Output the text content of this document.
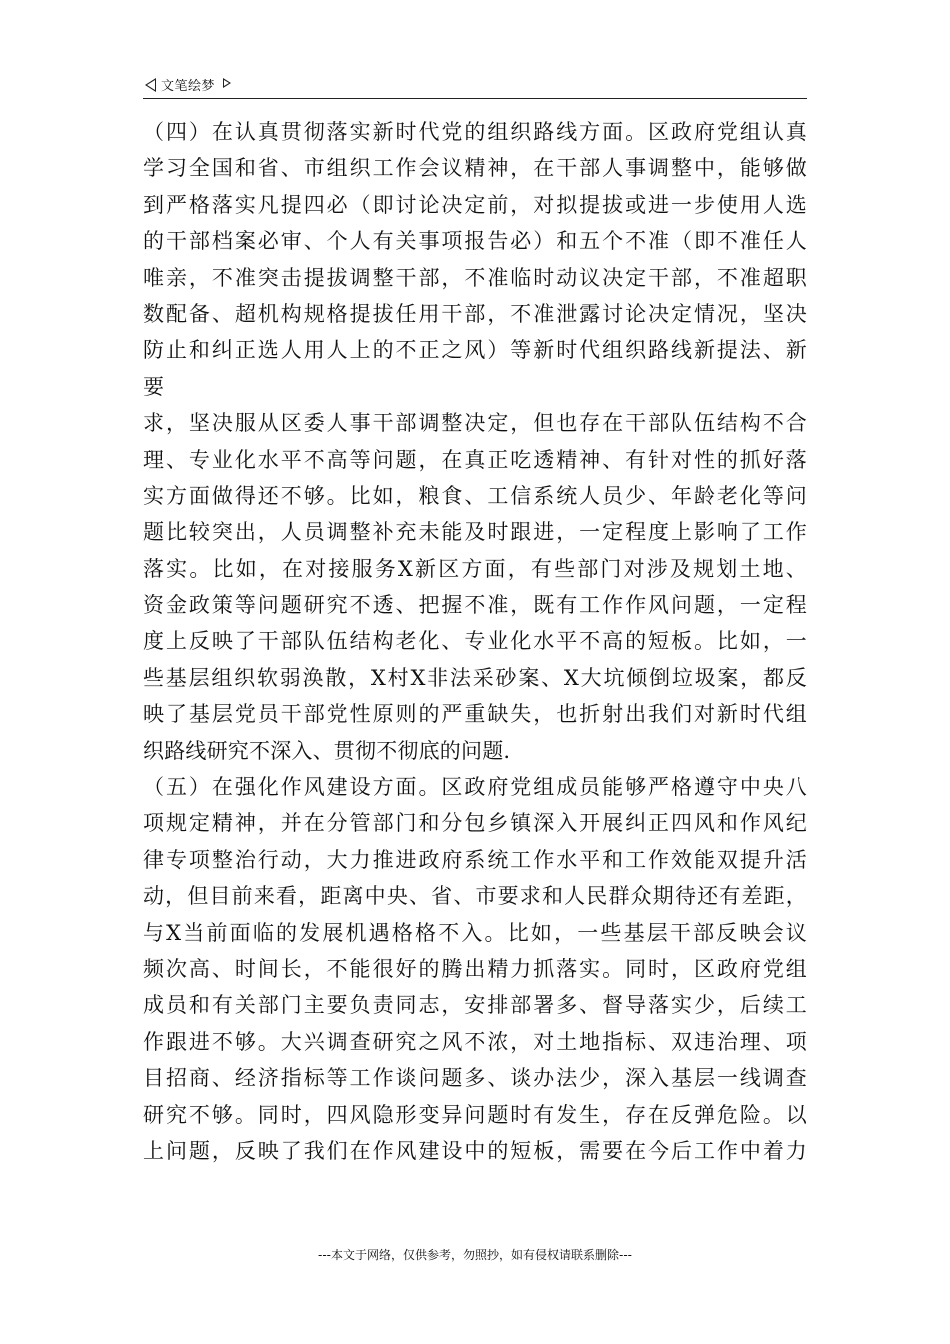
文笔绘梦
（四）在认真贯彻落实新时代党的组织路线方面。区政府党组认真
学习全国和省、市组织工作会议精神，在干部人事调整中，能够做
到严格落实凡提四必（即讨论决定前，对拟提拔或进一步使用人选
的干部档案必审、个人有关事项报告必）和五个不准（即不准任人
唯亲，不准突击提拔调整干部，不准临时动议决定干部，不准超职
数配备、超机构规格提拔任用干部，不准泄露讨论决定情况，坚决
防止和纠正选人用人上的不正之风）等新时代组织路线新提法、新
要
求，坚决服从区委人事干部调整决定，但也存在干部队伍结构不合
理、专业化水平不高等问题，在真正吃透精神、有针对性的抓好落
实方面做得还不够。比如，粮食、工信系统人员少、年龄老化等问
题比较突出，人员调整补充未能及时跟进，一定程度上影响了工作
落实。比如，在对接服务X新区方面，有些部门对涉及规划土地、
资金政策等问题研究不透、把握不准，既有工作作风问题，一定程
度上反映了干部队伍结构老化、专业化水平不高的短板。比如，一
些基层组织软弱涣散，X村X非法采砂案、X大坑倾倒垃圾案，都反
映了基层党员干部党性原则的严重缺失，也折射出我们对新时代组
织路线研究不深入、贯彻不彻底的问题.
（五）在强化作风建设方面。区政府党组成员能够严格遵守中央八
项规定精神，并在分管部门和分包乡镇深入开展纠正四风和作风纪
律专项整治行动，大力推进政府系统工作水平和工作效能双提升活
动，但目前来看，距离中央、省、市要求和人民群众期待还有差距，
与X当前面临的发展机遇格格不入。比如，一些基层干部反映会议
频次高、时间长，不能很好的腾出精力抓落实。同时，区政府党组
成员和有关部门主要负责同志，安排部署多、督导落实少，后续工
作跟进不够。大兴调查研究之风不浓，对土地指标、双违治理、项
目招商、经济指标等工作谈问题多、谈办法少，深入基层一线调查
研究不够。同时，四风隐形变异问题时有发生，存在反弹危险。以
上问题，反映了我们在作风建设中的短板，需要在今后工作中着力
---本文于网络，仅供参考，勿照抄，如有侵权请联系删除---
